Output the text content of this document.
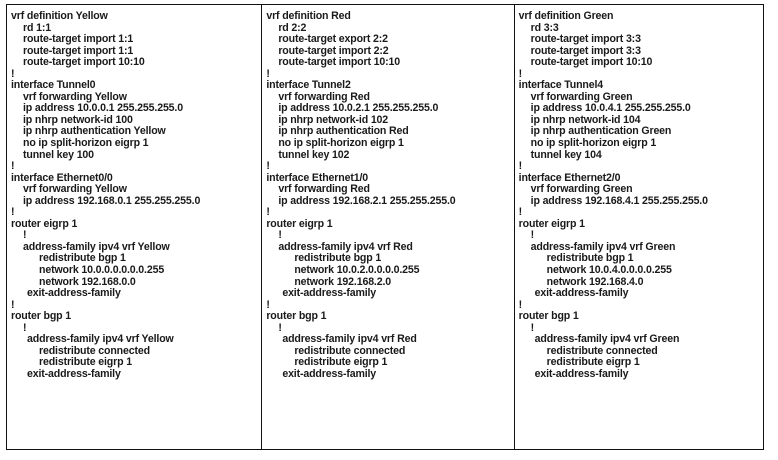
vrf definition Yellow
rd 1:1
route-target import 1:1
route-target import 1:1
route-target import 10:10
!
interface Tunnel0
vrf forwarding Yellow
ip address 10.0.0.1 255.255.255.0
ip nhrp network-id 100
ip nhrp authentication Yellow
no ip split-horizon eigrp 1
tunnel key 100
!
interface Ethernet0/0
vrf forwarding Yellow
ip address 192.168.0.1 255.255.255.0
!
router eigrp 1
!
address-family ipv4 vrf Yellow
redistribute bgp 1
network 10.0.0.0.0.0.0.255
network 192.168.0.0
exit-address-family
!
router bgp 1
!
address-family ipv4 vrf Yellow
redistribute connected
redistribute eigrp 1
exit-address-family
vrf definition Red
rd 2:2
route-target export 2:2
route-target import 2:2
route-target import 10:10
!
interface Tunnel2
vrf forwarding Red
ip address 10.0.2.1 255.255.255.0
ip nhrp network-id 102
ip nhrp authentication Red
no ip split-horizon eigrp 1
tunnel key 102
!
interface Ethernet1/0
vrf forwarding Red
ip address 192.168.2.1 255.255.255.0
!
router eigrp 1
!
address-family ipv4 vrf Red
redistribute bgp 1
network 10.0.2.0.0.0.0.255
network 192.168.2.0
exit-address-family
!
router bgp 1
!
address-family ipv4 vrf Red
redistribute connected
redistribute eigrp 1
exit-address-family
vrf definition Green
rd 3:3
route-target import 3:3
route-target import 3:3
route-target import 10:10
!
interface Tunnel4
vrf forwarding Green
ip address 10.0.4.1 255.255.255.0
ip nhrp network-id 104
ip nhrp authentication Green
no ip split-horizon eigrp 1
tunnel key 104
!
interface Ethernet2/0
vrf forwarding Green
ip address 192.168.4.1 255.255.255.0
!
router eigrp 1
!
address-family ipv4 vrf Green
redistribute bgp 1
network 10.0.4.0.0.0.0.255
network 192.168.4.0
exit-address-family
!
router bgp 1
!
address-family ipv4 vrf Green
redistribute connected
redistribute eigrp 1
exit-address-family
